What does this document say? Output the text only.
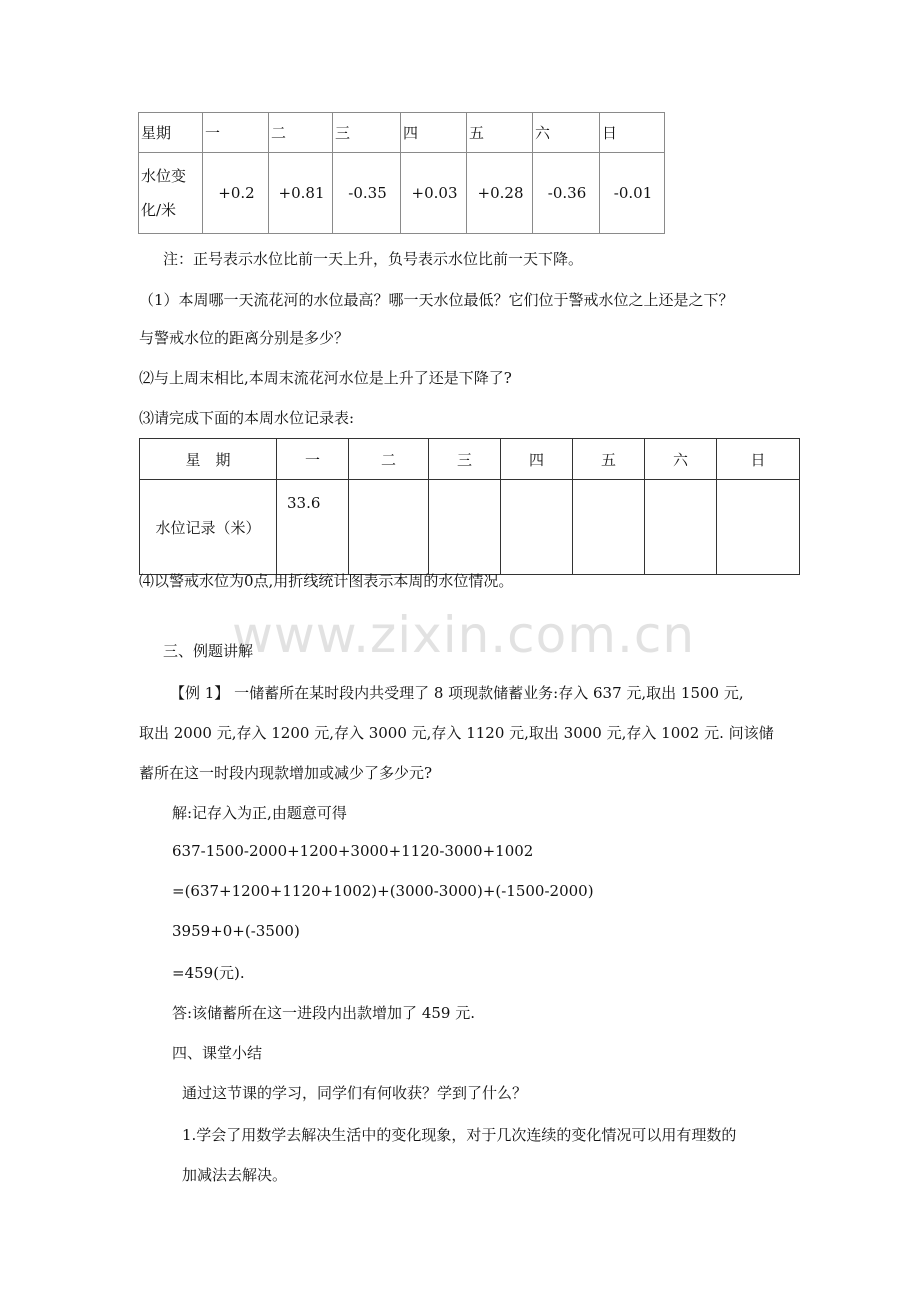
星期	一	二	三	四	五	六	日
水位变
化/米	+0.2	+0.81	-0.35	+0.03	+0.28	-0.36	-0.01
注：正号表示水位比前一天上升，负号表示水位比前一天下降。
（1）本周哪一天流花河的水位最高？哪一天水位最低？它们位于警戒水位之上还是之下？
与警戒水位的距离分别是多少？
⑵与上周末相比,本周末流花河水位是上升了还是下降了?
⑶请完成下面的本周水位记录表:
星　期	一	二	三	四	五	六	日
水位记录（米）	33.6						
⑷以警戒水位为0点,用折线统计图表示本周的水位情况。
www.zixin.com.cn
三、例题讲解
【例 1】 一储蓄所在某时段内共受理了 8 项现款储蓄业务:存入 637 元,取出 1500 元,
取出 2000 元,存入 1200 元,存入 3000 元,存入 1120 元,取出 3000 元,存入 1002 元. 问该储
蓄所在这一时段内现款增加或减少了多少元?
解:记存入为正,由题意可得
637-1500-2000+1200+3000+1120-3000+1002
=(637+1200+1120+1002)+(3000-3000)+(-1500-2000)
3959+0+(-3500)
=459(元).
答:该储蓄所在这一进段内出款增加了 459 元.
四、课堂小结
通过这节课的学习，同学们有何收获？学到了什么？
1.学会了用数学去解决生活中的变化现象，对于几次连续的变化情况可以用有理数的
加减法去解决。
